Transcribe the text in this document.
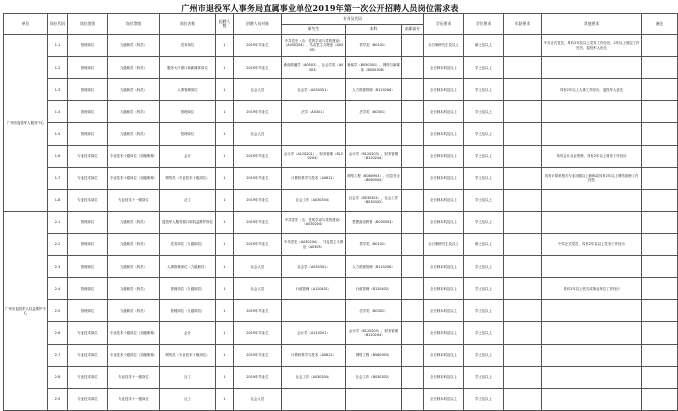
广州市退役军人事务局直属事业单位2019年第一次公开招聘人员岗位需求表
单位	岗位代码	岗位类别	岗位等级	岗位名称	招聘人数	招聘人员对象	专业及代码			学历要求	学位要求	年龄要求	其他要求	备注
							研究生	本科	高职高专					
广州市退役军人服务中心	1-1	管理岗位	九级职员（科员）	党务岗位	1	2019年毕业生	中共党史（含：党的学说与党的建设）（A030204）、马克思主义理论（A0305）	哲学类（B0101）		全日制研究生及以上	硕士及以上		中共正式党员，具有2年及以上党务工作经历，2年以上基层工作经历，退役军人优先	
	1-2	管理岗位	九级职员（科员）	服务大厅窗口和新媒体岗位	1	2019年毕业生	新闻传播学（A0503）、社会学类（A0303）	新闻学（B050301）、网络与新媒体（B050306）		全日制本科及以上	学士及以上			
	1-3	管理岗位	九级职员（科员）	人事管理岗位	1	社会人员	社会学（A030301）	人力资源管理（B120206）		全日制本科及以上	学士及以上		具有2年以上人事工作经历，退役军人优先	
	1-4	管理岗位	九级职员（科员）	管理岗位	1	2019年毕业生	法学（A0301）	法学类（B0301）		全日制本科及以上	学士及以上			
	1-5	管理岗位	九级职员（科员）	管理岗位	1	社会人员				全日制本科及以上	学士及以上			
	1-6	专业技术岗位	专业技术十级岗位（初级职称）	会计	1	2019年毕业生	会计学（A120201）、财务管理（B120204）	会计学（B120203）、财务管理（B120204）		全日制本科及以上	学士及以上		具有会计从业资格，具有2年以上财务工作经历	
	1-7	专业技术岗位	专业技术十级岗位（初级职称）	网络员（专业技术十级岗位）	1	2019年毕业生	计算机科学与技术（A0812）	网络工程（B080903）、信息安全（B080904）		全日制本科及以上	学士及以上		具有计算机相关专业初级以上职称或具有2年以上网络管理工作经验	
	1-8	专业技术岗位	专业技术十一级岗位	社工	1	2019年毕业生	社会工作（A030304）	社会学（B030301）、社会工作（B030302）		全日制本科及以上	学士及以上			
广州市退役军人权益维护中心	2-1	管理岗位	九级职员（科员）	退役军人服务窗口和权益维护岗位	1	2019年毕业生	中共党史（含：党的学说与党的建设）（A030204）	思想政治教育（B030503）		全日制本科及以上	学士及以上			
	2-2	管理岗位	九级职员（科员）	党务岗位（九级职员）	1	2019年毕业生	中共党史（A030204）、马克思主义理论（A0305）	哲学类（B0101）		全日制研究生及以上	硕士及以上		中共正式党员，具有2年及以上党务工作经历	
	2-3	管理岗位	九级职员（科员）	人事管理岗位（九级职员）	1	社会人员	社会学（A030301）	人力资源管理（B120206）		全日制本科及以上	学士及以上			
	2-4	管理岗位	九级职员（科员）	管理岗位（九级职员）	1	社会人员	行政管理（A120401）	行政管理（B120402）		全日制本科及以上	学士及以上		具有2年以上机关或事业单位工作经历	
	2-5	管理岗位	九级职员（科员）	管理岗位（九级职员）	1	2019年毕业生		法学类（B0301）		全日制本科及以上	学士及以上			
	2-6	专业技术岗位	专业技术十级岗位（初级职称）	会计	1	2019年毕业生	会计学（A120201）	会计学（B120203）、财务管理（B120204）		全日制本科及以上	学士及以上			
	2-7	专业技术岗位	专业技术十级岗位（初级职称）	网络员（专业技术十级岗位）	1	2019年毕业生	计算机科学与技术（A0812）	网络工程（B080903）		全日制本科及以上	学士及以上			
	2-8	专业技术岗位	专业技术十一级岗位	社工	1	2019年毕业生	社会工作（A030304）	社会工作（B030302）		全日制本科及以上	学士及以上			
	2-9	专业技术岗位	专业技术十一级岗位	社工	1	社会人员				全日制本科及以上	学士及以上			
